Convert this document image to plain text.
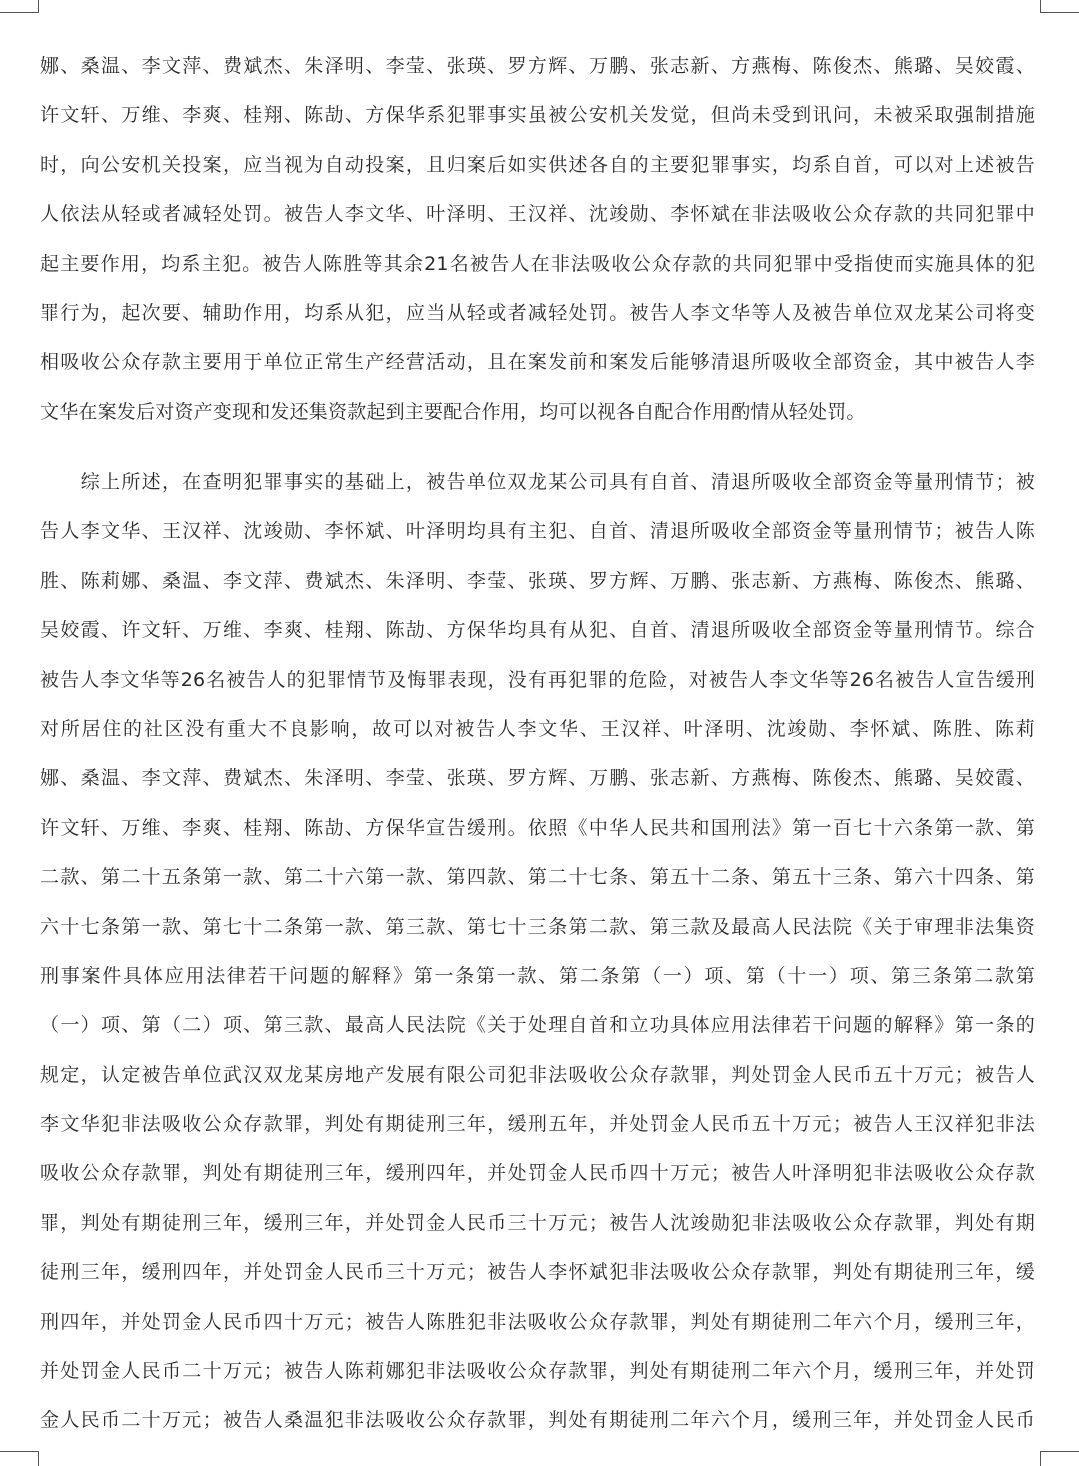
娜、桑温、李文萍、费斌杰、朱泽明、李莹、张瑛、罗方辉、万鹏、张志新、方燕梅、陈俊杰、熊璐、吴姣霞、
许文轩、万维、李爽、桂翔、陈劼、方保华系犯罪事实虽被公安机关发觉，但尚未受到讯问，未被采取强制措施
时，向公安机关投案，应当视为自动投案，且归案后如实供述各自的主要犯罪事实，均系自首，可以对上述被告
人依法从轻或者减轻处罚。被告人李文华、叶泽明、王汉祥、沈竣勋、李怀斌在非法吸收公众存款的共同犯罪中
起主要作用，均系主犯。被告人陈胜等其余21名被告人在非法吸收公众存款的共同犯罪中受指使而实施具体的犯
罪行为，起次要、辅助作用，均系从犯，应当从轻或者减轻处罚。被告人李文华等人及被告单位双龙某公司将变
相吸收公众存款主要用于单位正常生产经营活动，且在案发前和案发后能够清退所吸收全部资金，其中被告人李
文华在案发后对资产变现和发还集资款起到主要配合作用，均可以视各自配合作用酌情从轻处罚。
　　综上所述，在查明犯罪事实的基础上，被告单位双龙某公司具有自首、清退所吸收全部资金等量刑情节；被
告人李文华、王汉祥、沈竣勋、李怀斌、叶泽明均具有主犯、自首、清退所吸收全部资金等量刑情节；被告人陈
胜、陈莉娜、桑温、李文萍、费斌杰、朱泽明、李莹、张瑛、罗方辉、万鹏、张志新、方燕梅、陈俊杰、熊璐、
吴姣霞、许文轩、万维、李爽、桂翔、陈劼、方保华均具有从犯、自首、清退所吸收全部资金等量刑情节。综合
被告人李文华等26名被告人的犯罪情节及悔罪表现，没有再犯罪的危险，对被告人李文华等26名被告人宣告缓刑
对所居住的社区没有重大不良影响，故可以对被告人李文华、王汉祥、叶泽明、沈竣勋、李怀斌、陈胜、陈莉
娜、桑温、李文萍、费斌杰、朱泽明、李莹、张瑛、罗方辉、万鹏、张志新、方燕梅、陈俊杰、熊璐、吴姣霞、
许文轩、万维、李爽、桂翔、陈劼、方保华宣告缓刑。依照《中华人民共和国刑法》第一百七十六条第一款、第
二款、第二十五条第一款、第二十六第一款、第四款、第二十七条、第五十二条、第五十三条、第六十四条、第
六十七条第一款、第七十二条第一款、第三款、第七十三条第二款、第三款及最高人民法院《关于审理非法集资
刑事案件具体应用法律若干问题的解释》第一条第一款、第二条第（一）项、第（十一）项、第三条第二款第
（一）项、第（二）项、第三款、最高人民法院《关于处理自首和立功具体应用法律若干问题的解释》第一条的
规定，认定被告单位武汉双龙某房地产发展有限公司犯非法吸收公众存款罪，判处罚金人民币五十万元；被告人
李文华犯非法吸收公众存款罪，判处有期徒刑三年，缓刑五年，并处罚金人民币五十万元；被告人王汉祥犯非法
吸收公众存款罪，判处有期徒刑三年，缓刑四年，并处罚金人民币四十万元；被告人叶泽明犯非法吸收公众存款
罪，判处有期徒刑三年，缓刑三年，并处罚金人民币三十万元；被告人沈竣勋犯非法吸收公众存款罪，判处有期
徒刑三年，缓刑四年，并处罚金人民币三十万元；被告人李怀斌犯非法吸收公众存款罪，判处有期徒刑三年，缓
刑四年，并处罚金人民币四十万元；被告人陈胜犯非法吸收公众存款罪，判处有期徒刑二年六个月，缓刑三年，
并处罚金人民币二十万元；被告人陈莉娜犯非法吸收公众存款罪，判处有期徒刑二年六个月，缓刑三年，并处罚
金人民币二十万元；被告人桑温犯非法吸收公众存款罪，判处有期徒刑二年六个月，缓刑三年，并处罚金人民币
